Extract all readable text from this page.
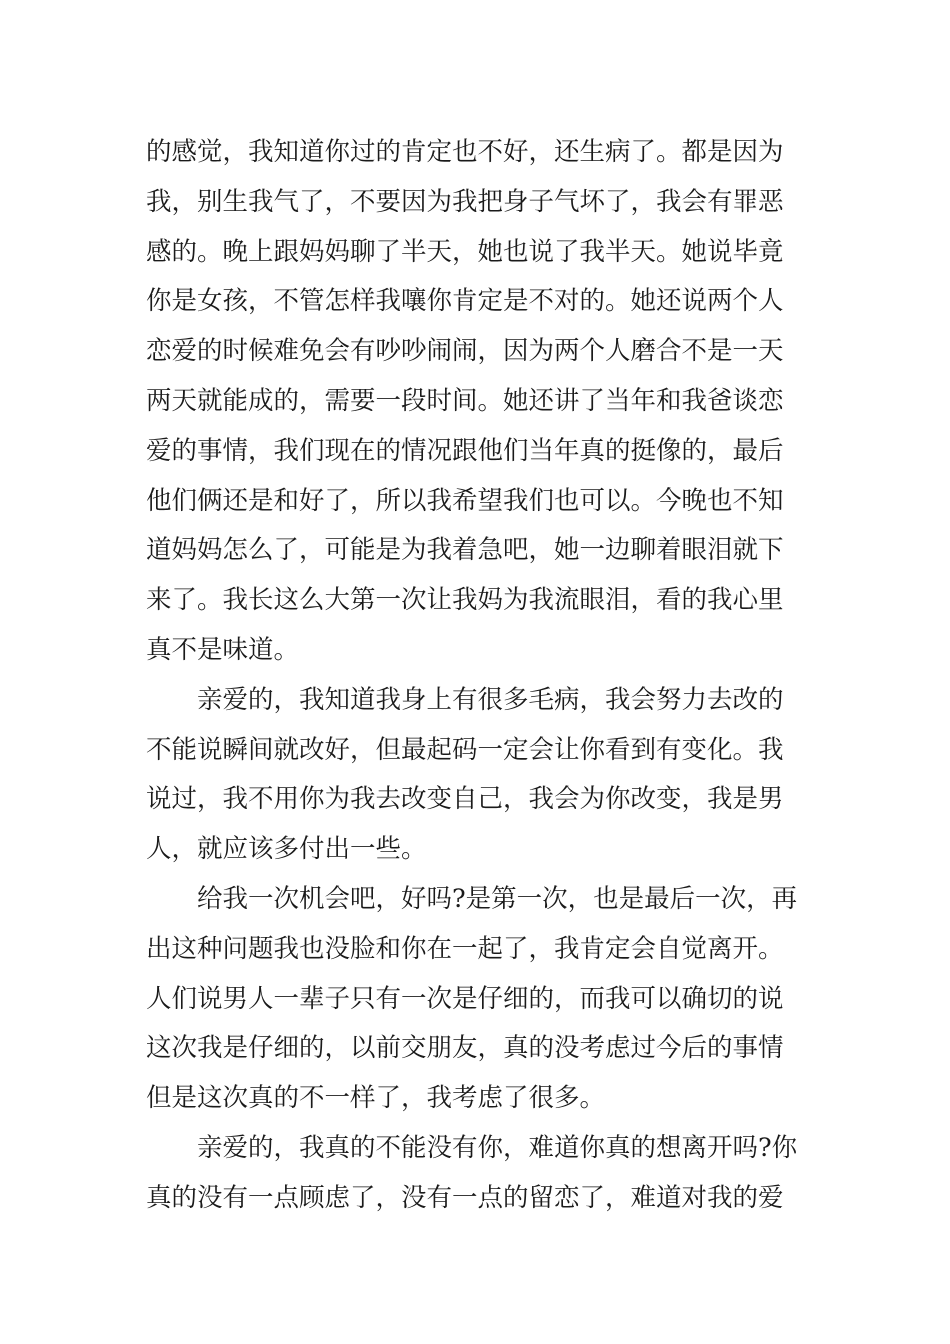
的感觉，我知道你过的肯定也不好，还生病了。都是因为
我，别生我气了，不要因为我把身子气坏了，我会有罪恶
感的。晚上跟妈妈聊了半天，她也说了我半天。她说毕竟
你是女孩，不管怎样我嚷你肯定是不对的。她还说两个人
恋爱的时候难免会有吵吵闹闹，因为两个人磨合不是一天
两天就能成的，需要一段时间。她还讲了当年和我爸谈恋
爱的事情，我们现在的情况跟他们当年真的挺像的，最后
他们俩还是和好了，所以我希望我们也可以。今晚也不知
道妈妈怎么了，可能是为我着急吧，她一边聊着眼泪就下
来了。我长这么大第一次让我妈为我流眼泪，看的我心里
真不是味道。
亲爱的，我知道我身上有很多毛病，我会努力去改的
不能说瞬间就改好，但最起码一定会让你看到有变化。我
说过，我不用你为我去改变自己，我会为你改变，我是男
人，就应该多付出一些。
给我一次机会吧，好吗?是第一次，也是最后一次，再
出这种问题我也没脸和你在一起了，我肯定会自觉离开。
人们说男人一辈子只有一次是仔细的，而我可以确切的说
这次我是仔细的，以前交朋友，真的没考虑过今后的事情
但是这次真的不一样了，我考虑了很多。
亲爱的，我真的不能没有你，难道你真的想离开吗?你
真的没有一点顾虑了，没有一点的留恋了，难道对我的爱
